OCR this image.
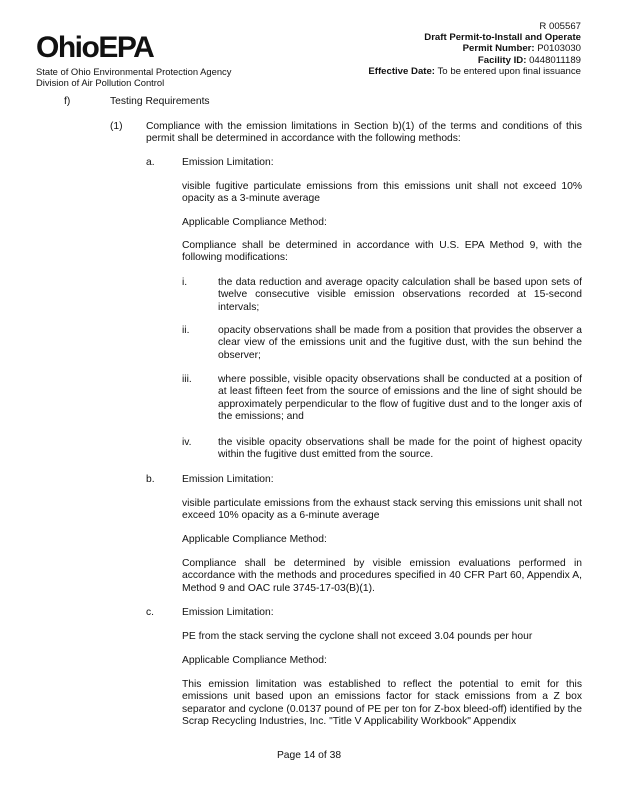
OhioEPA
State of Ohio Environmental Protection Agency
Division of Air Pollution Control
R 005567
Draft Permit-to-Install and Operate
Permit Number: P0103030
Facility ID: 0448011189
Effective Date: To be entered upon final issuance
f)	Testing Requirements
(1) Compliance with the emission limitations in Section b)(1) of the terms and conditions of this permit shall be determined in accordance with the following methods:

a.	Emission Limitation:

visible fugitive particulate emissions from this emissions unit shall not exceed 10% opacity as a 3-minute average

Applicable Compliance Method:

Compliance shall be determined in accordance with U.S. EPA Method 9, with the following modifications:

i.	the data reduction and average opacity calculation shall be based upon sets of twelve consecutive visible emission observations recorded at 15-second intervals;

ii.	opacity observations shall be made from a position that provides the observer a clear view of the emissions unit and the fugitive dust, with the sun behind the observer;

iii.	where possible, visible opacity observations shall be conducted at a position of at least fifteen feet from the source of emissions and the line of sight should be approximately perpendicular to the flow of fugitive dust and to the longer axis of the emissions; and

iv.	the visible opacity observations shall be made for the point of highest opacity within the fugitive dust emitted from the source.

b.	Emission Limitation:

visible particulate emissions from the exhaust stack serving this emissions unit shall not exceed 10% opacity as a 6-minute average

Applicable Compliance Method:

Compliance shall be determined by visible emission evaluations performed in accordance with the methods and procedures specified in 40 CFR Part 60, Appendix A, Method 9 and OAC rule 3745-17-03(B)(1).

c.	Emission Limitation:

PE from the stack serving the cyclone shall not exceed 3.04 pounds per hour

Applicable Compliance Method:

This emission limitation was established to reflect the potential to emit for this emissions unit based upon an emissions factor for stack emissions from a Z box separator and cyclone (0.0137 pound of PE per ton for Z-box bleed-off) identified by the Scrap Recycling Industries, Inc. "Title V Applicability Workbook" Appendix

Page 14 of 38
